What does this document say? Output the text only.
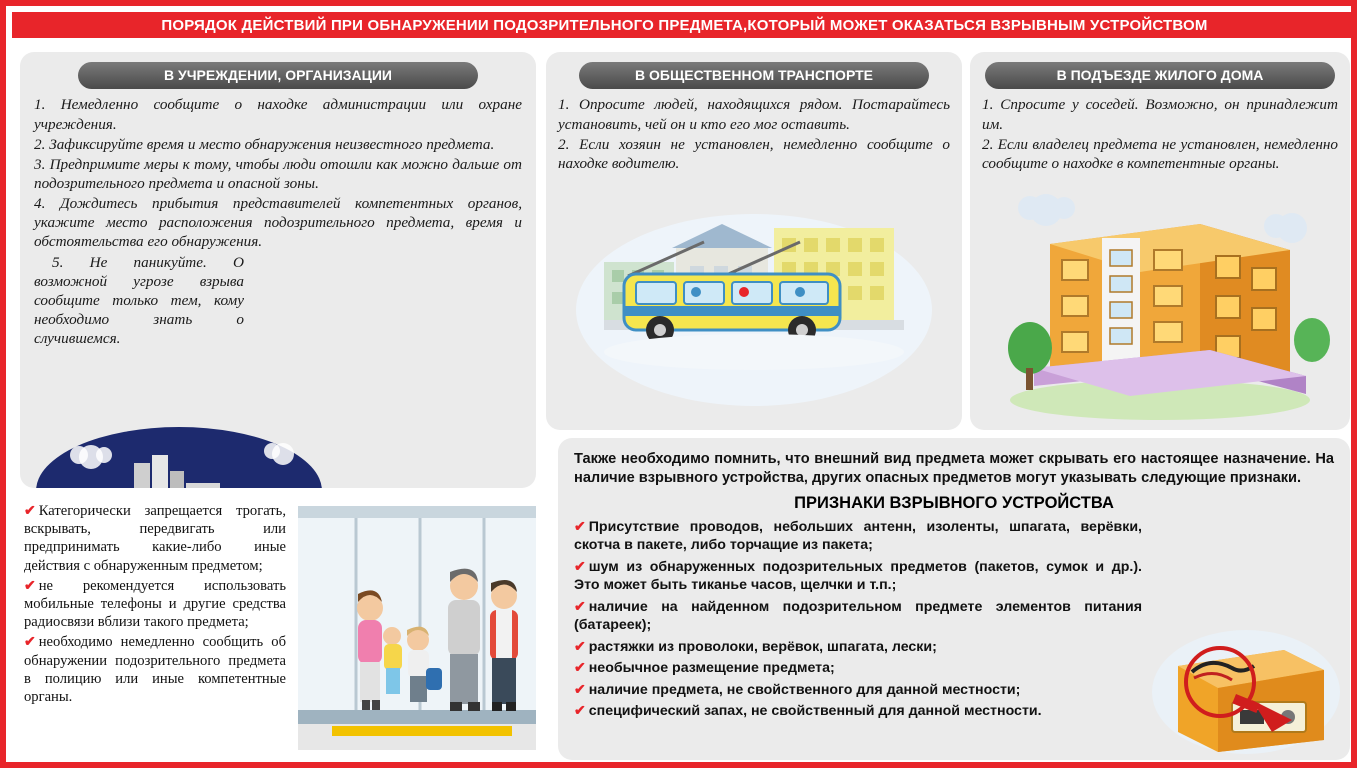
ПОРЯДОК ДЕЙСТВИЙ ПРИ ОБНАРУЖЕНИИ ПОДОЗРИТЕЛЬНОГО ПРЕДМЕТА,КОТОРЫЙ МОЖЕТ ОКАЗАТЬСЯ ВЗРЫВНЫМ УСТРОЙСТВОМ
В УЧРЕЖДЕНИИ, ОРГАНИЗАЦИИ

1. Немедленно сообщите о находке администрации или охране учреждения.

2. Зафиксируйте время и место обнаружения неизвестного предмета.

3. Предпримите меры к тому, чтобы люди отошли как можно дальше от подозрительного предмета и опасной зоны.

4. Дождитесь прибытия представителей компетентных органов, укажите место расположения подозрительного предмета, время и обстоятельства его обнаружения.

5. Не паникуйте. О возможной угрозе взрыва сообщите только тем, кому необходимо знать о случившемся.

В ОБЩЕСТВЕННОМ ТРАНСПОРТЕ

1. Опросите людей, находящихся рядом. Постарайтесь установить, чей он и кто его мог оставить.

2. Если хозяин не установлен, немедленно сообщите о находке водителю.

В ПОДЪЕЗДЕ ЖИЛОГО ДОМА

1. Спросите у соседей. Возможно, он принадлежит им.

2. Если владелец предмета не установлен, немедленно сообщите о находке в компетентные органы.

✔ Категорически запрещается трогать, вскрывать, передвигать или предпринимать какие-либо иные действия с обнаруженным предметом;

✔ не рекомендуется использовать мобильные телефоны и другие средства радиосвязи вблизи такого предмета;

✔ необходимо немедленно сообщить об обнаружении подозрительного предмета в полицию или иные компетентные органы.

Также необходимо помнить, что внешний вид предмета может скрывать его настоящее назначение. На наличие взрывного устройства, других опасных предметов могут указывать следующие признаки.
ПРИЗНАКИ ВЗРЫВНОГО УСТРОЙСТВА

✔ Присутствие проводов, небольших антенн, изоленты, шпагата, верёвки, скотча в пакете, либо торчащие из пакета;

✔ шум из обнаруженных подозрительных предметов (пакетов, сумок и др.). Это может быть тиканье часов, щелчки и т.п.;

✔ наличие на найденном подозрительном предмете элементов питания (батареек);

✔ растяжки из проволоки, верёвок, шпагата, лески;

✔ необычное размещение предмета;

✔ наличие предмета, не свойственного для данной местности;

✔ специфический запах, не свойственный для данной местности.
